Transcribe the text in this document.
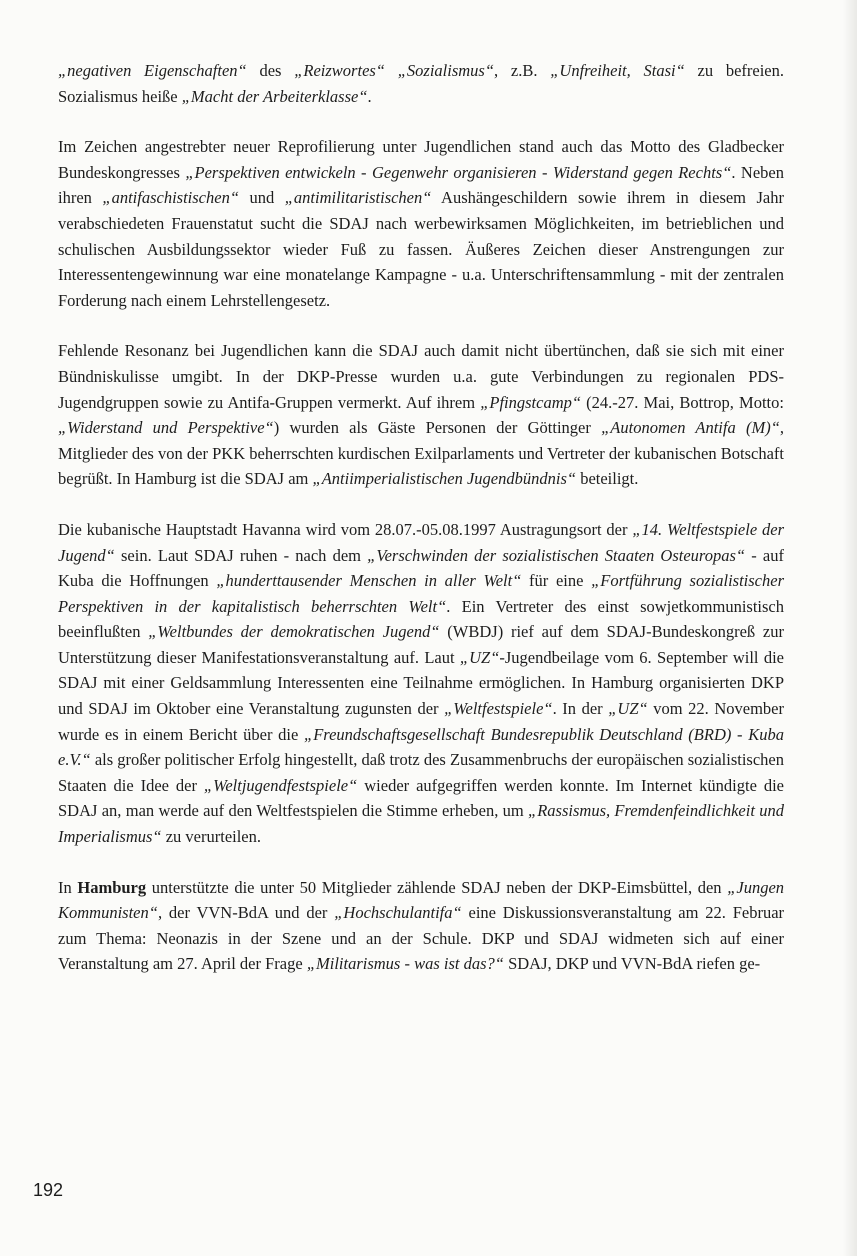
„negativen Eigenschaften“ des „Reizwortes“ „Sozialismus“, z.B. „Unfreiheit, Stasi“ zu befreien. Sozialismus heiße „Macht der Arbeiterklasse“.

Im Zeichen angestrebter neuer Reprofilierung unter Jugendlichen stand auch das Motto des Gladbecker Bundeskongresses „Perspektiven entwickeln - Gegenwehr organisieren - Widerstand gegen Rechts“. Neben ihren „antifaschistischen“ und „antimilitaristischen“ Aushängeschildern sowie ihrem in diesem Jahr verabschiedeten Frauenstatut sucht die SDAJ nach werbewirksamen Möglichkeiten, im betrieblichen und schulischen Ausbildungssektor wieder Fuß zu fassen. Äußeres Zeichen dieser Anstrengungen zur Interessentengewinnung war eine monatelange Kampagne - u.a. Unterschriftensammlung - mit der zentralen Forderung nach einem Lehrstellengesetz.

Fehlende Resonanz bei Jugendlichen kann die SDAJ auch damit nicht übertünchen, daß sie sich mit einer Bündniskulisse umgibt. In der DKP-Presse wurden u.a. gute Verbindungen zu regionalen PDS-Jugendgruppen sowie zu Antifa-Gruppen vermerkt. Auf ihrem „Pfingstcamp“ (24.-27. Mai, Bottrop, Motto: „Widerstand und Perspektive“) wurden als Gäste Personen der Göttinger „Autonomen Antifa (M)“, Mitglieder des von der PKK beherrschten kurdischen Exilparlaments und Vertreter der kubanischen Botschaft begrüßt. In Hamburg ist die SDAJ am „Antiimperialistischen Jugendbündnis“ beteiligt.

Die kubanische Hauptstadt Havanna wird vom 28.07.-05.08.1997 Austragungsort der „14. Weltfestspiele der Jugend“ sein. Laut SDAJ ruhen - nach dem „Verschwinden der sozialistischen Staaten Osteuropas“ - auf Kuba die Hoffnungen „hunderttausender Menschen in aller Welt“ für eine „Fortführung sozialistischer Perspektiven in der kapitalistisch beherrschten Welt“. Ein Vertreter des einst sowjetkommunistisch beeinflußten „Weltbundes der demokratischen Jugend“ (WBDJ) rief auf dem SDAJ-Bundeskongreß zur Unterstützung dieser Manifestationsveranstaltung auf. Laut „UZ“-Jugendbeilage vom 6. September will die SDAJ mit einer Geldsammlung Interessenten eine Teilnahme ermöglichen. In Hamburg organisierten DKP und SDAJ im Oktober eine Veranstaltung zugunsten der „Weltfestspiele“. In der „UZ“ vom 22. November wurde es in einem Bericht über die „Freundschaftsgesellschaft Bundesrepublik Deutschland (BRD) - Kuba e.V.“ als großer politischer Erfolg hingestellt, daß trotz des Zusammenbruchs der europäischen sozialistischen Staaten die Idee der „Weltjugendfestspiele“ wieder aufgegriffen werden konnte. Im Internet kündigte die SDAJ an, man werde auf den Weltfestspielen die Stimme erheben, um „Rassismus, Fremdenfeindlichkeit und Imperialismus“ zu verurteilen.

In Hamburg unterstützte die unter 50 Mitglieder zählende SDAJ neben der DKP-Eimsbüttel, den „Jungen Kommunisten“, der VVN-BdA und der „Hochschulantifa“ eine Diskussionsveranstaltung am 22. Februar zum Thema: Neonazis in der Szene und an der Schule. DKP und SDAJ widmeten sich auf einer Veranstaltung am 27. April der Frage „Militarismus - was ist das?“ SDAJ, DKP und VVN-BdA riefen ge-

192
